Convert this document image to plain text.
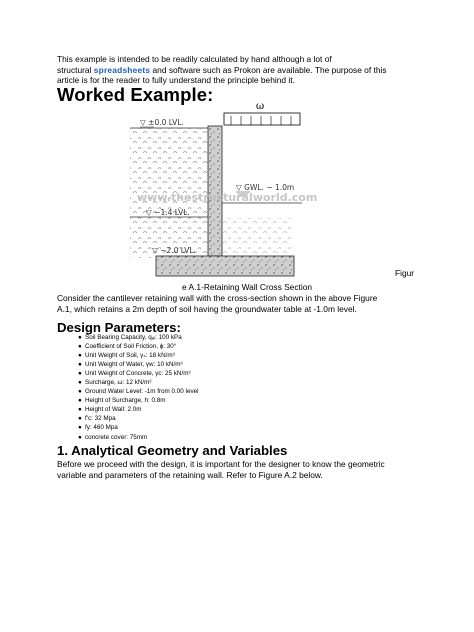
This example is intended to be readily calculated by hand although a lot of
structural spreadsheets and software such as Prokon are available. The purpose of this
article is for the reader to fully understand the principle behind it.
Worked Example:
ω
▽ ±0.0 LVL.
▽ GWL. − 1.0m
▽ −1.4 LVL.
▽ −2.0 LVL.
www.thestructuralworld.com
Figur
e A.1-Retaining Wall Cross Section
Consider the cantilever retaining wall with the cross-section shown in the above Figure
A.1, which retains a 2m depth of soil having the groundwater table at -1.0m level.
Design Parameters:
● Soil Bearing Capacity, qₐₗ: 100 kPa
● Coefficient of Soil Friction, ϕ: 30°
● Unit Weight of Soil, γₛ: 18 kN/m³
● Unit Weight of Water, γw: 10 kN/m³
● Unit Weight of Concrete, γc: 25 kN/m³
● Surcharge, ω: 12 kN/m²
● Ground Water Level: -1m from 0.00 level
● Height of Surcharge, h: 0.8m
● Height of Wall: 2.0m
● f'c: 32 Mpa
● fy: 460 Mpa
● concrete cover: 75mm
1. Analytical Geometry and Variables
Before we proceed with the design, it is important for the designer to know the geometric
variable and parameters of the retaining wall. Refer to Figure A.2 below.
